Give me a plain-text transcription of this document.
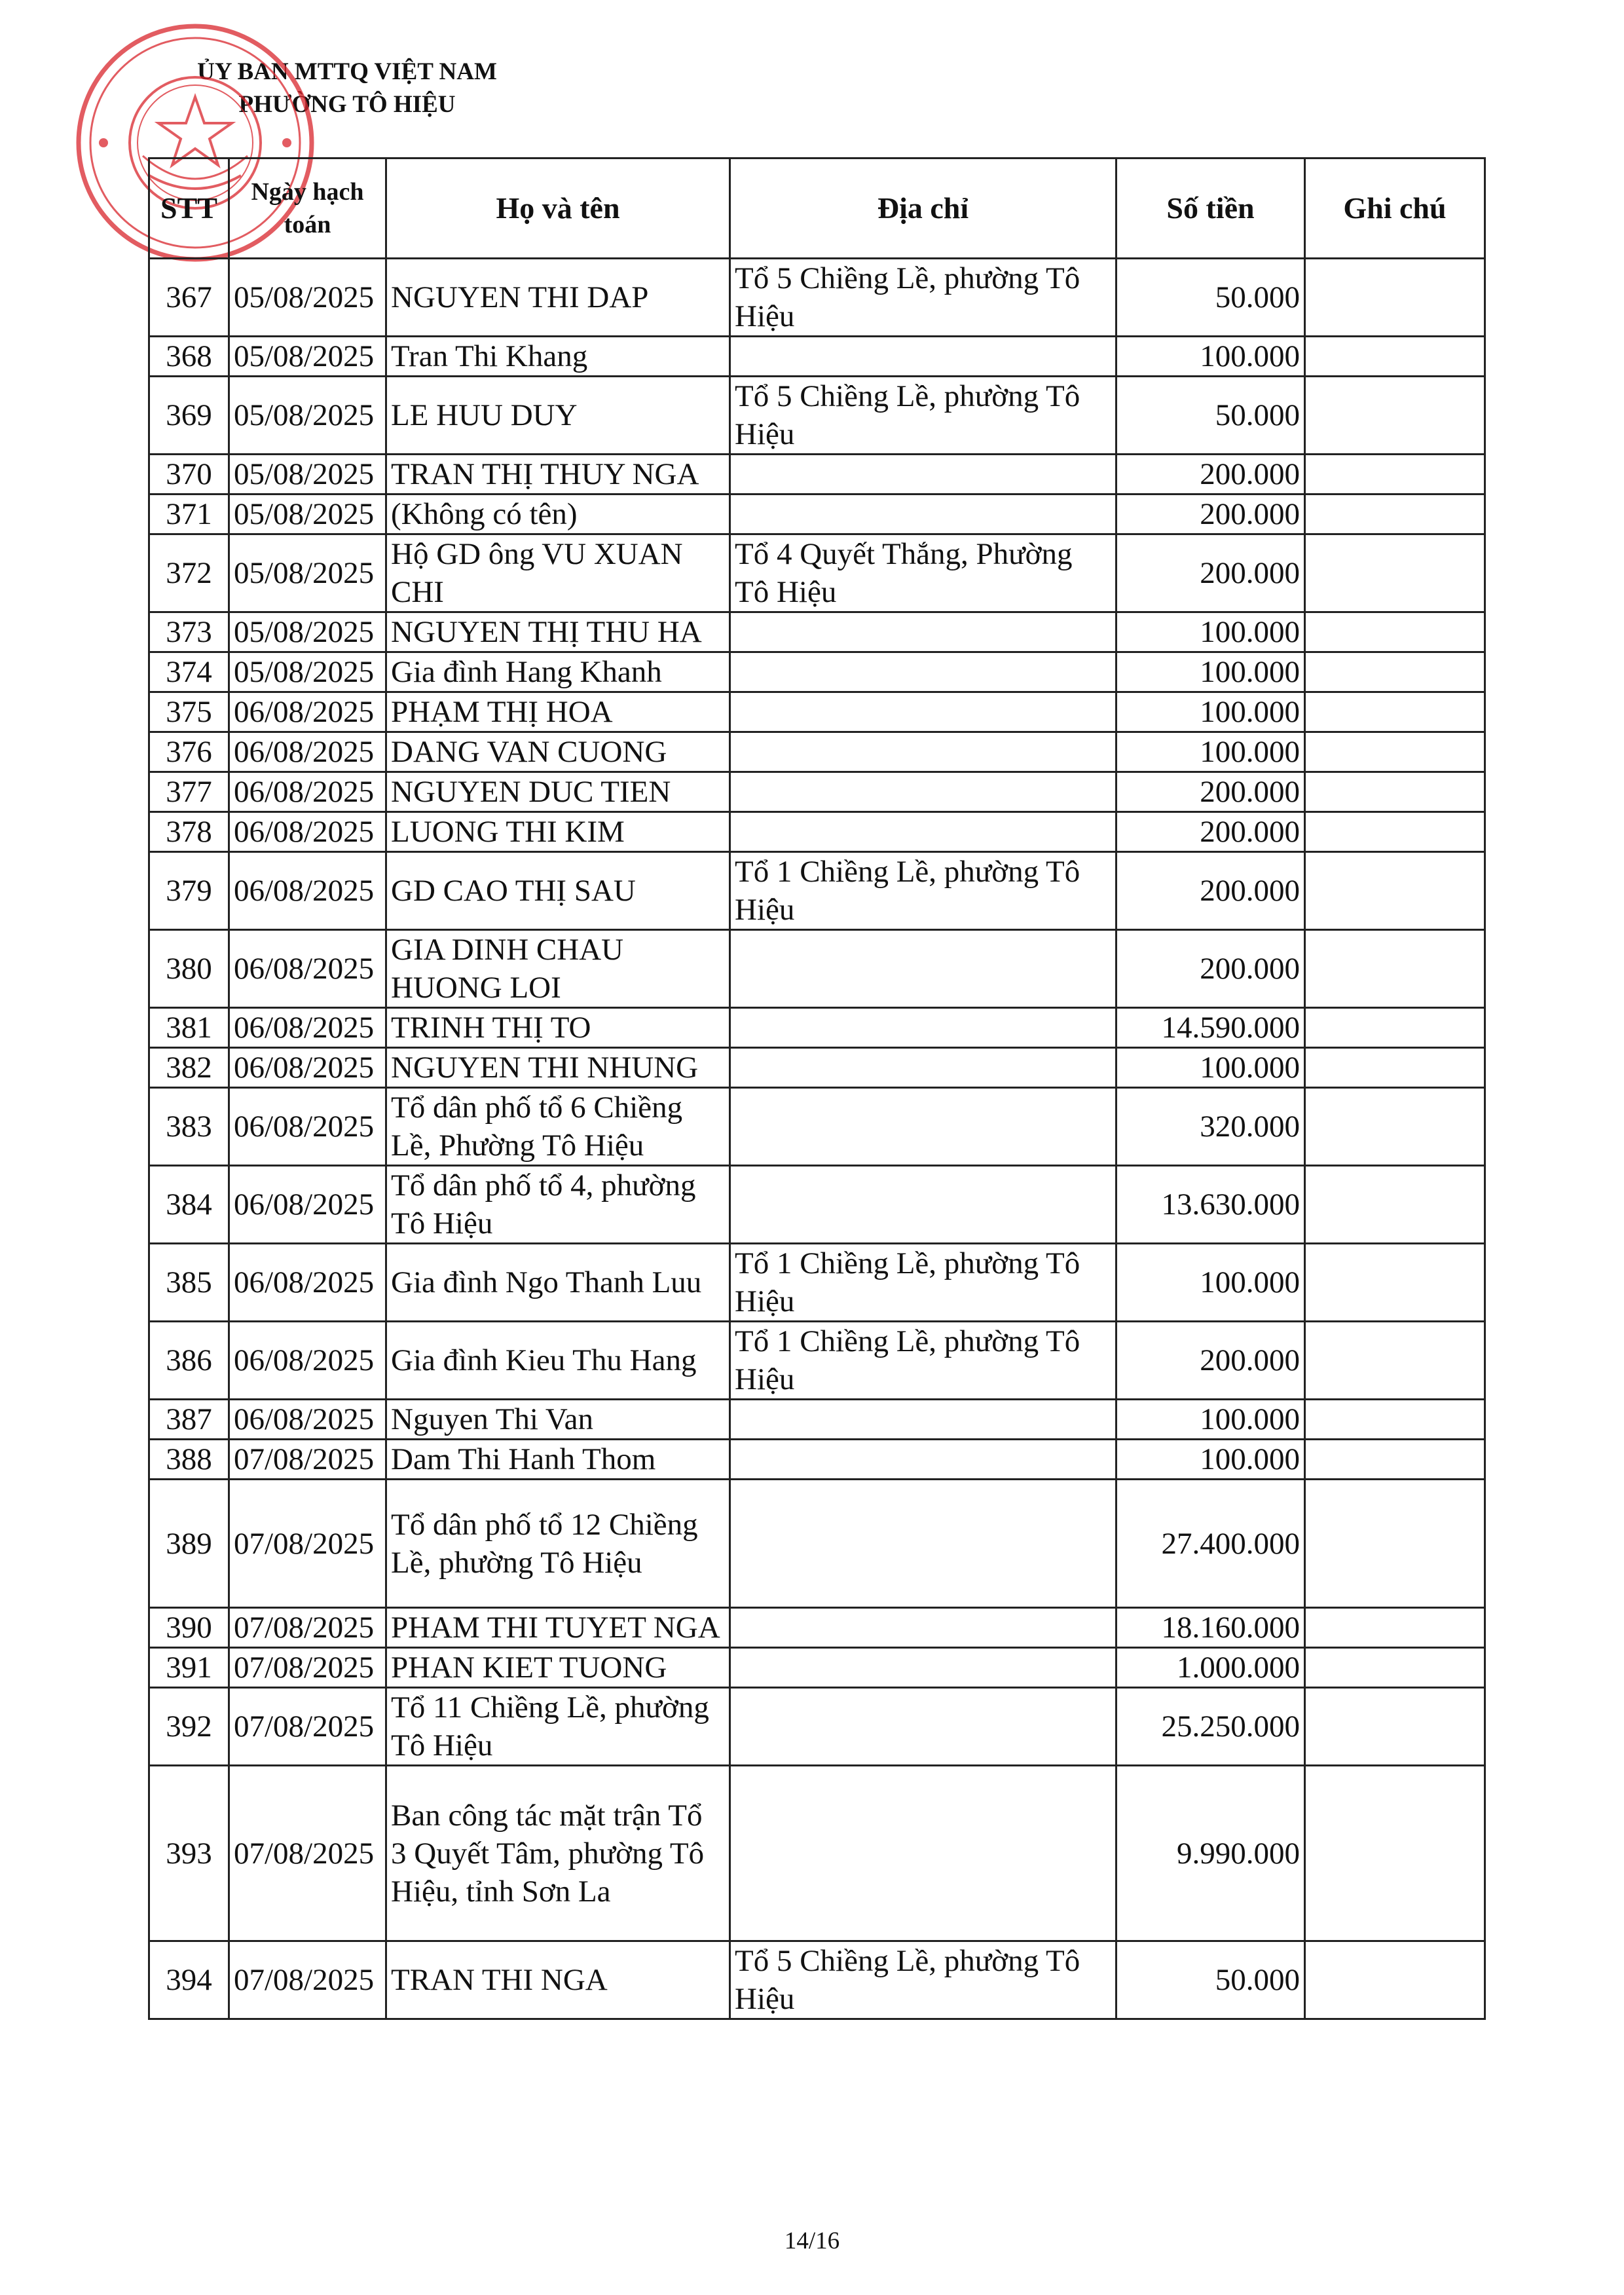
ỦY BAN MTTQ VIỆT NAM
PHƯỜNG TÔ HIỆU
STT	Ngày hạch toán	Họ và tên	Địa chỉ	Số tiền	Ghi chú
367	05/08/2025	NGUYEN THI DAP	Tổ 5 Chiềng Lề, phường Tô Hiệu	50.000	
368	05/08/2025	Tran Thi Khang		100.000	
369	05/08/2025	LE HUU DUY	Tổ 5 Chiềng Lề, phường Tô Hiệu	50.000	
370	05/08/2025	TRAN THỊ THUY NGA		200.000	
371	05/08/2025	(Không có tên)		200.000	
372	05/08/2025	Hộ GD ông VU XUAN CHI	Tổ 4 Quyết Thắng, Phường Tô Hiệu	200.000	
373	05/08/2025	NGUYEN THỊ THU HA		100.000	
374	05/08/2025	Gia đình Hang Khanh		100.000	
375	06/08/2025	PHẠM THỊ HOA		100.000	
376	06/08/2025	DANG VAN CUONG		100.000	
377	06/08/2025	NGUYEN DUC TIEN		200.000	
378	06/08/2025	LUONG THI KIM		200.000	
379	06/08/2025	GD CAO THỊ SAU	Tổ 1 Chiềng Lề, phường Tô Hiệu	200.000	
380	06/08/2025	GIA DINH CHAU HUONG LOI		200.000	
381	06/08/2025	TRINH THỊ TO		14.590.000	
382	06/08/2025	NGUYEN THI NHUNG		100.000	
383	06/08/2025	Tổ dân phố tổ 6 Chiềng Lề, Phường Tô Hiệu		320.000	
384	06/08/2025	Tổ dân phố tổ 4, phường Tô Hiệu		13.630.000	
385	06/08/2025	Gia đình Ngo Thanh Luu	Tổ 1 Chiềng Lề, phường Tô Hiệu	100.000	
386	06/08/2025	Gia đình Kieu Thu Hang	Tổ 1 Chiềng Lề, phường Tô Hiệu	200.000	
387	06/08/2025	Nguyen Thi Van		100.000	
388	07/08/2025	Dam Thi Hanh Thom		100.000	
389	07/08/2025	Tổ dân phố tổ 12 Chiềng Lề, phường Tô Hiệu		27.400.000	
390	07/08/2025	PHAM THI TUYET NGA		18.160.000	
391	07/08/2025	PHAN KIET TUONG		1.000.000	
392	07/08/2025	Tổ 11 Chiềng Lề, phường Tô Hiệu		25.250.000	
393	07/08/2025	Ban công tác mặt trận Tổ 3 Quyết Tâm, phường Tô Hiệu, tỉnh Sơn La		9.990.000	
394	07/08/2025	TRAN THI NGA	Tổ 5 Chiềng Lề, phường Tô Hiệu	50.000	
14/16
